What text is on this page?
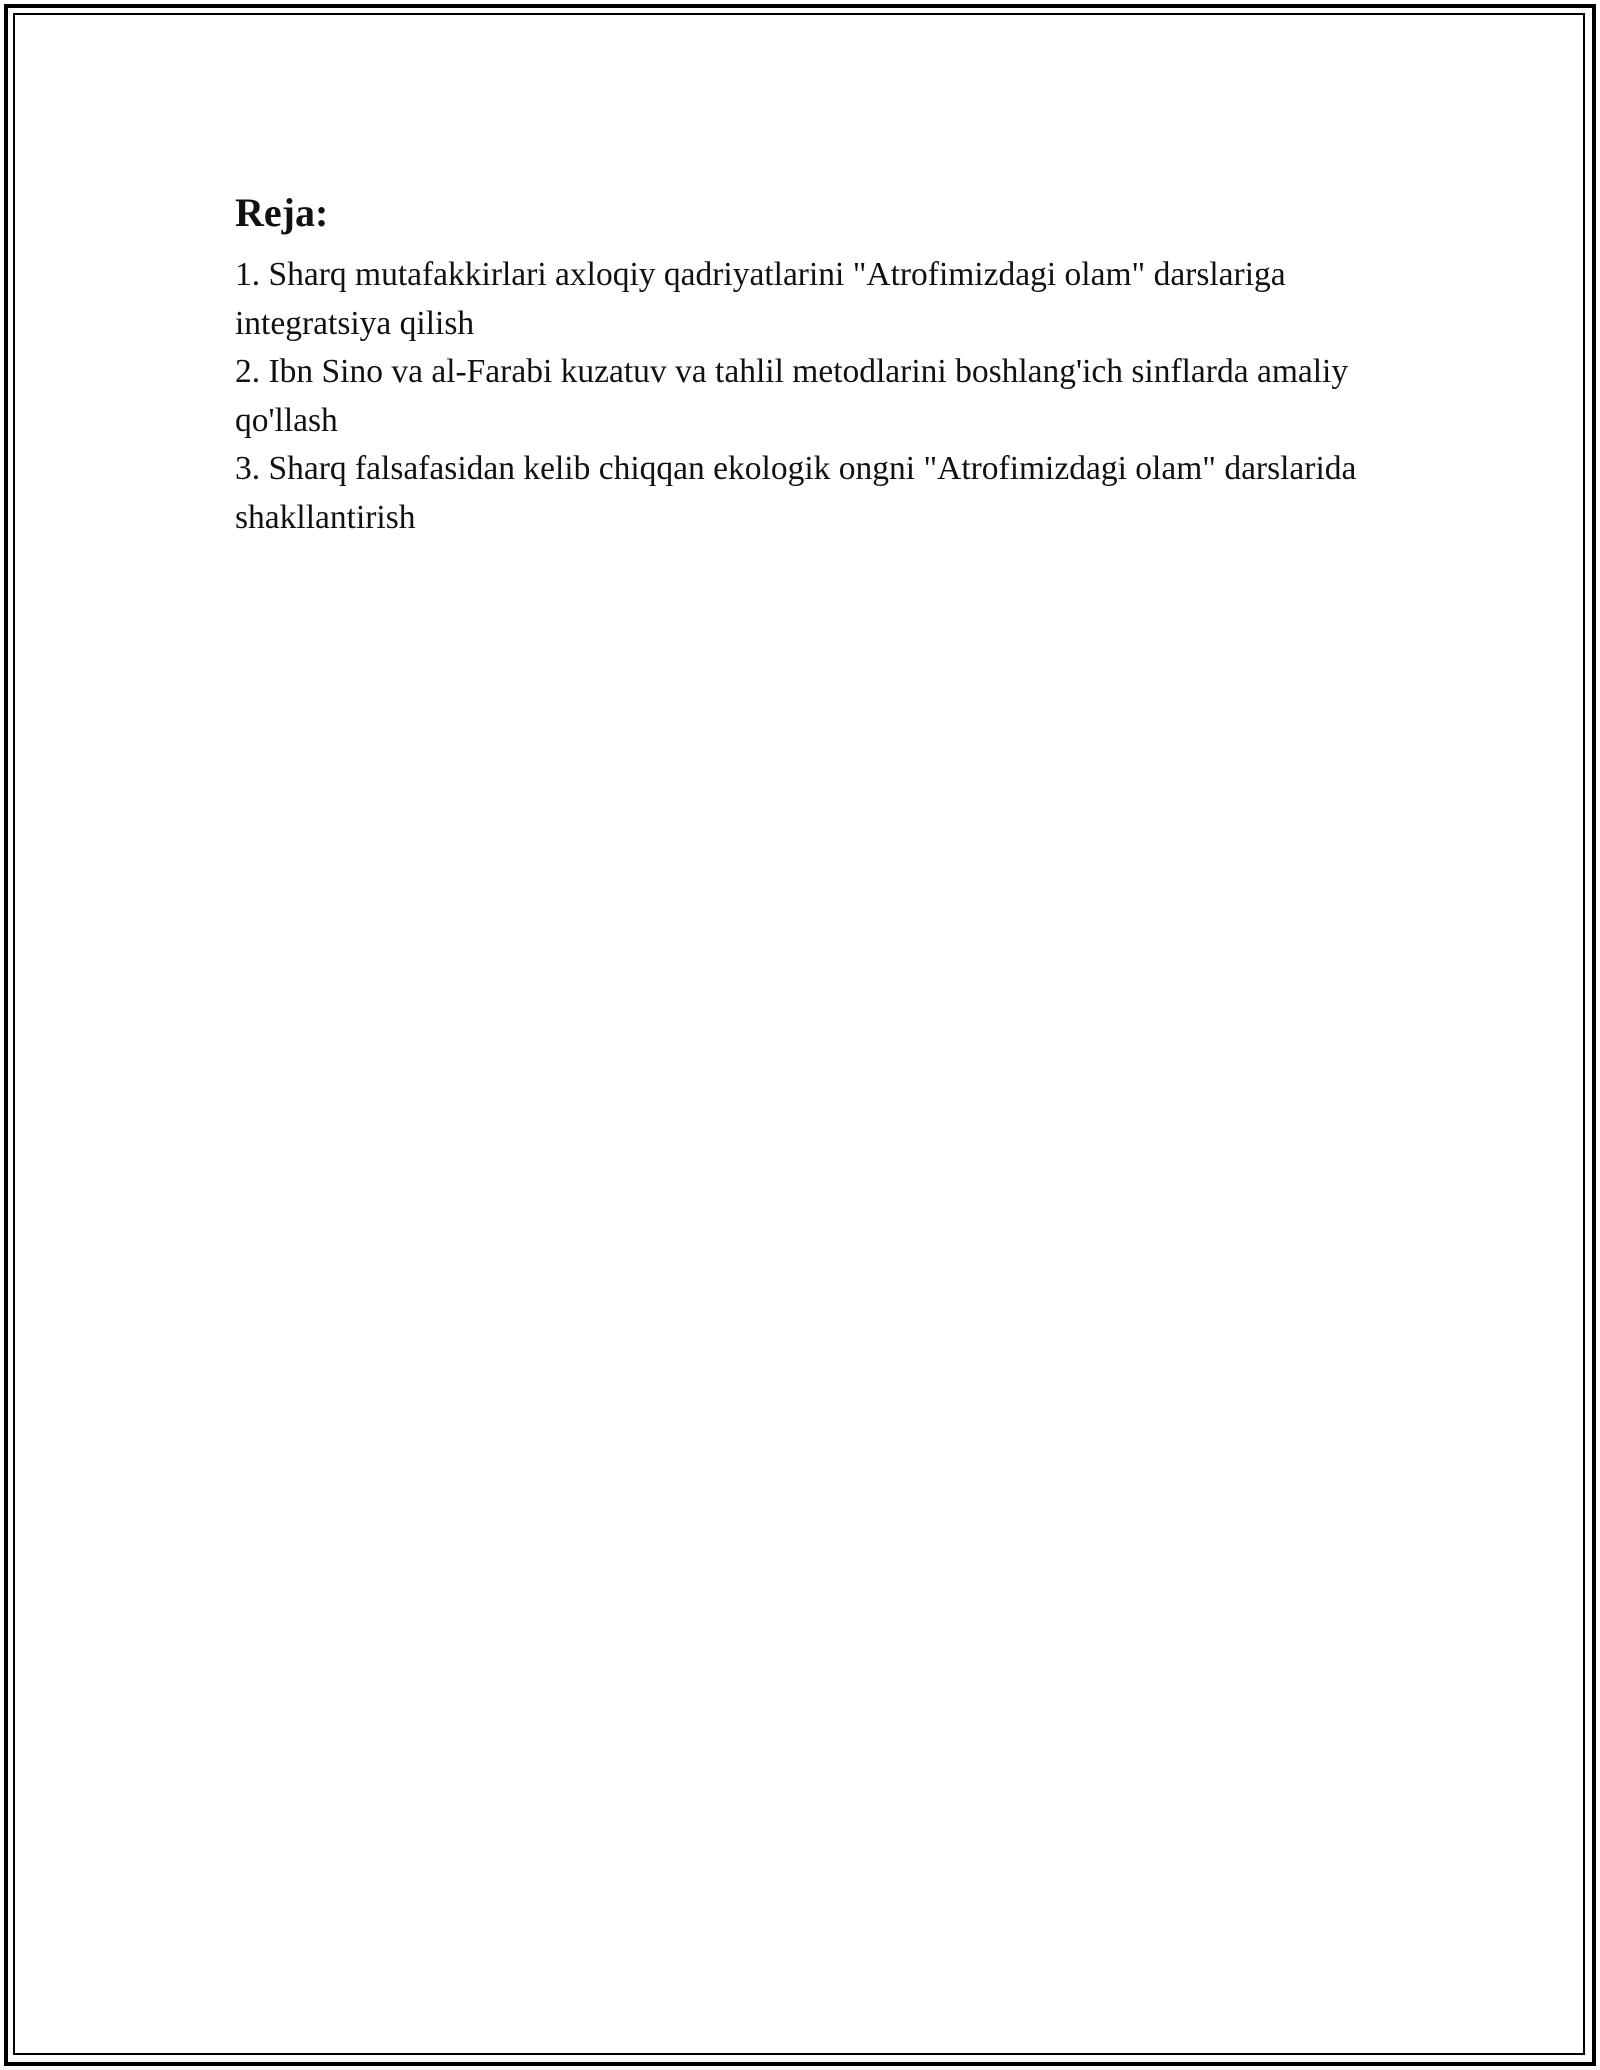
Reja:
1. Sharq mutafakkirlari axloqiy qadriyatlarini "Atrofimizdagi olam" darslariga integratsiya qilish
2. Ibn Sino va al-Farabi kuzatuv va tahlil metodlarini boshlang'ich sinflarda amaliy qo'llash
3. Sharq falsafasidan kelib chiqqan ekologik ongni "Atrofimizdagi olam" darslarida shakllantirish
